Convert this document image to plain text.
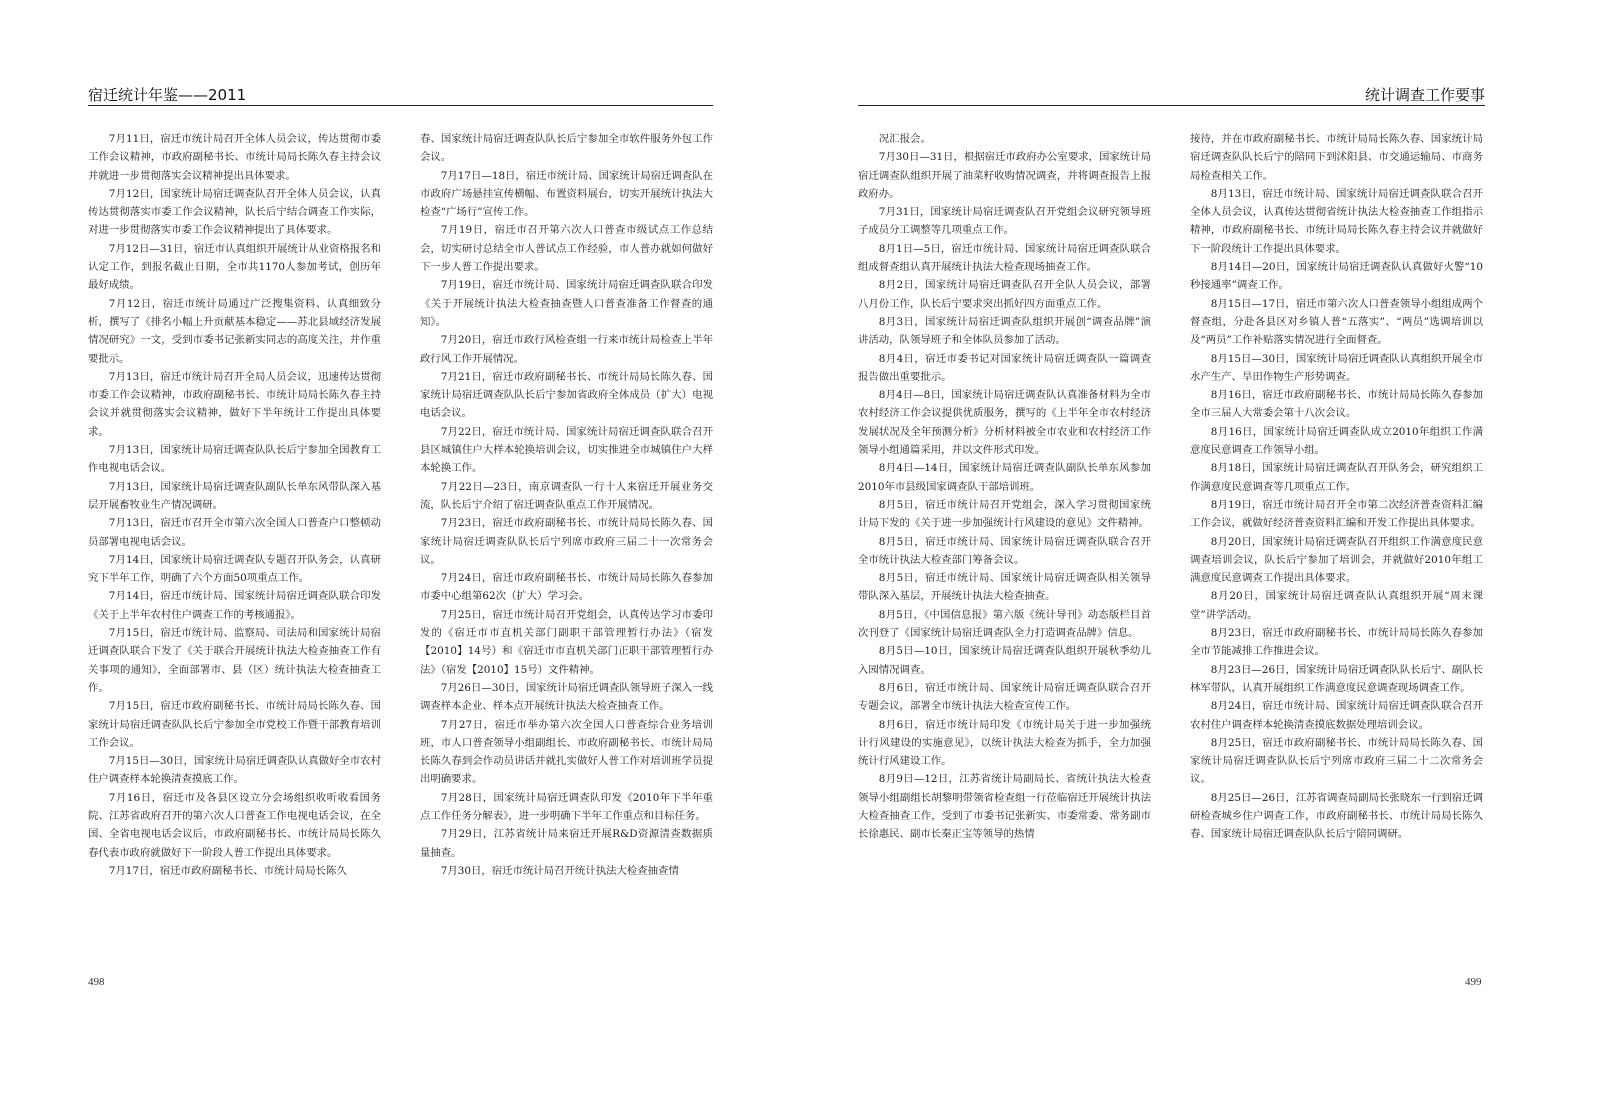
宿迁统计年鉴——2011

7月11日，宿迁市统计局召开全体人员会议，传达贯彻市委工作会议精神，市政府副秘书长、市统计局局长陈久春主持会议并就进一步贯彻落实会议精神提出具体要求。

7月12日，国家统计局宿迁调查队召开全体人员会议，认真传达贯彻落实市委工作会议精神，队长后宁结合调查工作实际，对进一步贯彻落实市委工作会议精神提出了具体要求。

7月12日—31日，宿迁市认真组织开展统计从业资格报名和认定工作，到报名截止日期，全市共1170人参加考试，创历年最好成绩。

7月12日，宿迁市统计局通过广泛搜集资料、认真细致分析，撰写了《排名小幅上升贡献基本稳定——苏北县域经济发展情况研究》一文，受到市委书记张新实同志的高度关注，并作重要批示。

7月13日，宿迁市统计局召开全局人员会议，迅速传达贯彻市委工作会议精神，市政府副秘书长、市统计局局长陈久春主持会议并就贯彻落实会议精神，做好下半年统计工作提出具体要求。

7月13日，国家统计局宿迁调查队队长后宁参加全国教育工作电视电话会议。

7月13日，国家统计局宿迁调查队副队长单东风带队深入基层开展畜牧业生产情况调研。

7月13日，宿迁市召开全市第六次全国人口普查户口整顿动员部署电视电话会议。

7月14日，国家统计局宿迁调查队专题召开队务会，认真研究下半年工作，明确了六个方面50项重点工作。

7月14日，宿迁市统计局、国家统计局宿迁调查队联合印发《关于上半年农村住户调查工作的考核通报》。

7月15日，宿迁市统计局、监察局、司法局和国家统计局宿迁调查队联合下发了《关于联合开展统计执法大检查抽查工作有关事项的通知》，全面部署市、县（区）统计执法大检查抽查工作。

7月15日，宿迁市政府副秘书长、市统计局局长陈久春、国家统计局宿迁调查队队长后宁参加全市党校工作暨干部教育培训工作会议。

7月15日—30日，国家统计局宿迁调查队认真做好全市农村住户调查样本轮换清查摸底工作。

7月16日，宿迁市及各县区设立分会场组织收听收看国务院、江苏省政府召开的第六次人口普查工作电视电话会议，在全国、全省电视电话会议后，市政府副秘书长、市统计局局长陈久春代表市政府就做好下一阶段人普工作提出具体要求。

7月17日，宿迁市政府副秘书长、市统计局局长陈久

春、国家统计局宿迁调查队队长后宁参加全市软件服务外包工作会议。

7月17日—18日，宿迁市统计局、国家统计局宿迁调查队在市政府广场悬挂宣传横幅、布置资料展台，切实开展统计执法大检查“广场行”宣传工作。

7月19日，宿迁市召开第六次人口普查市级试点工作总结会，切实研讨总结全市人普试点工作经验，市人普办就如何做好下一步人普工作提出要求。

7月19日，宿迁市统计局、国家统计局宿迁调查队联合印发《关于开展统计执法大检查抽查暨人口普查准备工作督查的通知》。

7月20日，宿迁市政行风检查组一行来市统计局检查上半年政行风工作开展情况。

7月21日，宿迁市政府副秘书长、市统计局局长陈久春、国家统计局宿迁调查队队长后宁参加省政府全体成员（扩大）电视电话会议。

7月22日，宿迁市统计局、国家统计局宿迁调查队联合召开县区城镇住户大样本轮换培训会议，切实推进全市城镇住户大样本轮换工作。

7月22日—23日，南京调查队一行十人来宿迁开展业务交流，队长后宁介绍了宿迁调查队重点工作开展情况。

7月23日，宿迁市政府副秘书长、市统计局局长陈久春、国家统计局宿迁调查队队长后宁列席市政府三届二十一次常务会议。

7月24日，宿迁市政府副秘书长、市统计局局长陈久春参加市委中心组第62次（扩大）学习会。

7月25日，宿迁市统计局召开党组会，认真传达学习市委印发的《宿迁市市直机关部门副职干部管理暂行办法》（宿发【2010】14号）和《宿迁市市直机关部门正职干部管理暂行办法》（宿发【2010】15号）文件精神。

7月26日—30日，国家统计局宿迁调查队领导班子深入一线调查样本企业、样本点开展统计执法大检查抽查工作。

7月27日，宿迁市举办第六次全国人口普查综合业务培训班，市人口普查领导小组副组长、市政府副秘书长、市统计局局长陈久春到会作动员讲话并就扎实做好人普工作对培训班学员提出明确要求。

7月28日，国家统计局宿迁调查队印发《2010年下半年重点工作任务分解表》，进一步明确下半年工作重点和目标任务。

7月29日，江苏省统计局来宿迁开展R&D资源清查数据质量抽查。

7月30日，宿迁市统计局召开统计执法大检查抽查情

498
统计调查工作要事

况汇报会。

7月30日—31日，根据宿迁市政府办公室要求，国家统计局宿迁调查队组织开展了油菜籽收购情况调查，并将调查报告上报政府办。

7月31日，国家统计局宿迁调查队召开党组会议研究领导班子成员分工调整等几项重点工作。

8月1日—5日，宿迁市统计局、国家统计局宿迁调查队联合组成督查组认真开展统计执法大检查现场抽查工作。

8月2日，国家统计局宿迁调查队召开全队人员会议，部署八月份工作，队长后宁要求突出抓好四方面重点工作。

8月3日，国家统计局宿迁调查队组织开展创“调查品牌”演讲活动，队领导班子和全体队员参加了活动。

8月4日，宿迁市委书记对国家统计局宿迁调查队一篇调查报告做出重要批示。

8月4日—8日，国家统计局宿迁调查队认真准备材料为全市农村经济工作会议提供优质服务，撰写的《上半年全市农村经济发展状况及全年预测分析》分析材料被全市农业和农村经济工作领导小组通篇采用，并以文件形式印发。

8月4日—14日，国家统计局宿迁调查队副队长单东风参加2010年市县级国家调查队干部培训班。

8月5日，宿迁市统计局召开党组会，深入学习贯彻国家统计局下发的《关于进一步加强统计行风建设的意见》文件精神。

8月5日，宿迁市统计局、国家统计局宿迁调查队联合召开全市统计执法大检查部门筹备会议。

8月5日，宿迁市统计局、国家统计局宿迁调查队相关领导带队深入基层，开展统计执法大检查抽查。

8月5日，《中国信息报》第六版《统计导刊》动态版栏目首次刊登了《国家统计局宿迁调查队全力打造调查品牌》信息。

8月5日—10日，国家统计局宿迁调查队组织开展秋季幼儿入园情况调查。

8月6日，宿迁市统计局、国家统计局宿迁调查队联合召开专题会议，部署全市统计执法大检查宣传工作。

8月6日，宿迁市统计局印发《市统计局关于进一步加强统计行风建设的实施意见》，以统计执法大检查为抓手，全力加强统计行风建设工作。

8月9日—12日，江苏省统计局副局长、省统计执法大检查领导小组副组长胡黎明带领省检查组一行莅临宿迁开展统计执法大检查抽查工作，受到了市委书记张新实、市委常委、常务副市长徐惠民、副市长秦正宝等领导的热情

接待，并在市政府副秘书长、市统计局局长陈久春、国家统计局宿迁调查队队长后宁的陪同下到沭阳县、市交通运输局、市商务局检查相关工作。

8月13日，宿迁市统计局、国家统计局宿迁调查队联合召开全体人员会议，认真传达贯彻省统计执法大检查抽查工作组指示精神，市政府副秘书长、市统计局局长陈久春主持会议并就做好下一阶段统计工作提出具体要求。

8月14日—20日，国家统计局宿迁调查队认真做好火警“10秒接通率”调查工作。

8月15日—17日，宿迁市第六次人口普查领导小组组成两个督查组，分赴各县区对乡镇人普“五落实”、“两员”选调培训以及“两员”工作补贴落实情况进行全面督查。

8月15日—30日，国家统计局宿迁调查队认真组织开展全市水产生产、旱田作物生产形势调查。

8月16日，宿迁市政府副秘书长、市统计局局长陈久春参加全市三届人大常委会第十八次会议。

8月16日，国家统计局宿迁调查队成立2010年组织工作满意度民意调查工作领导小组。

8月18日，国家统计局宿迁调查队召开队务会，研究组织工作满意度民意调查等几项重点工作。

8月19日，宿迁市统计局召开全市第二次经济普查资料汇编工作会议，就做好经济普查资料汇编和开发工作提出具体要求。

8月20日，国家统计局宿迁调查队召开组织工作满意度民意调查培训会议，队长后宁参加了培训会，并就做好2010年组工满意度民意调查工作提出具体要求。

8月20日，国家统计局宿迁调查队认真组织开展“周末课堂”讲学活动。

8月23日，宿迁市政府副秘书长、市统计局局长陈久春参加全市节能减排工作推进会议。

8月23日—26日，国家统计局宿迁调查队队长后宁、副队长林军带队，认真开展组织工作满意度民意调查现场调查工作。

8月24日，宿迁市统计局、国家统计局宿迁调查队联合召开农村住户调查样本轮换清查摸底数据处理培训会议。

8月25日，宿迁市政府副秘书长、市统计局局长陈久春、国家统计局宿迁调查队队长后宁列席市政府三届二十二次常务会议。

8月25日—26日，江苏省调查局副局长张晓东一行到宿迁调研检查城乡住户调查工作，市政府副秘书长、市统计局局长陈久春、国家统计局宿迁调查队队长后宁陪同调研。

499
